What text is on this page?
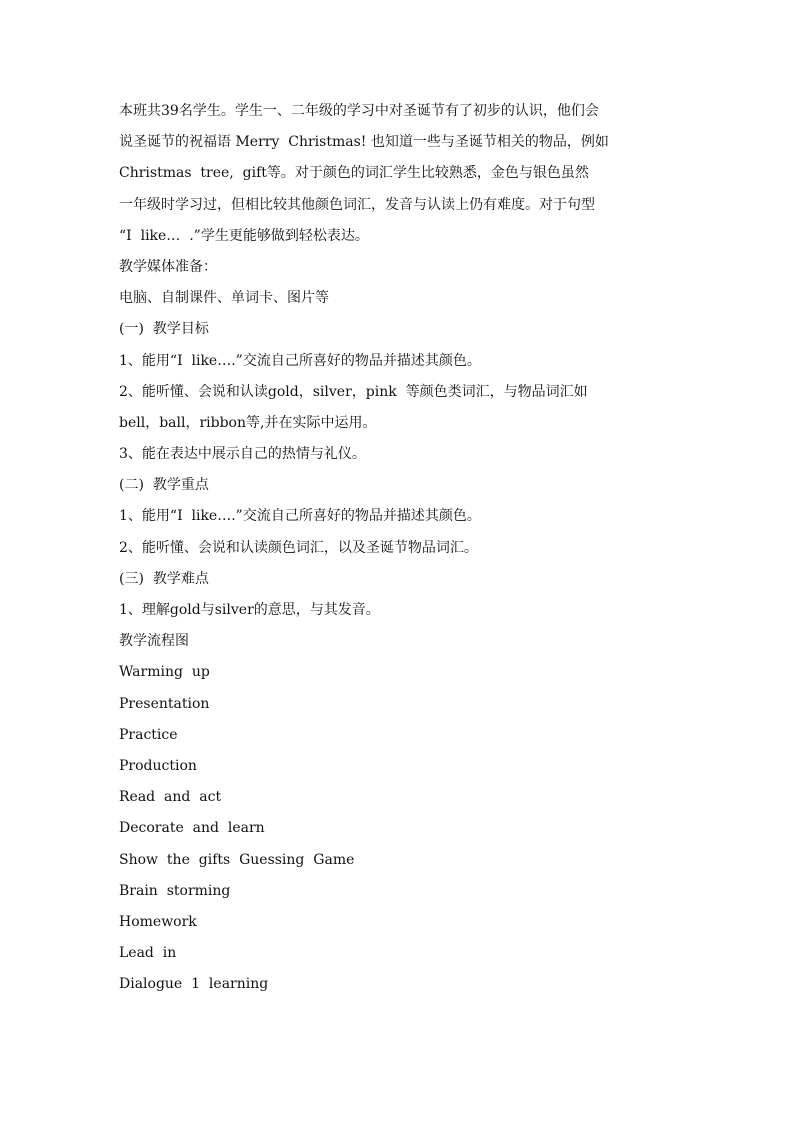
本班共39名学生。学生一、二年级的学习中对圣诞节有了初步的认识，他们会
说圣诞节的祝福语 Merry  Christmas! 也知道一些与圣诞节相关的物品，例如
Christmas  tree,  gift等。对于颜色的词汇学生比较熟悉，金色与银色虽然
一年级时学习过，但相比较其他颜色词汇，发音与认读上仍有难度。对于句型
“I  like…  .”学生更能够做到轻松表达。
教学媒体准备：
电脑、自制课件、单词卡、图片等
(一)  教学目标
1、能用“I  like….”交流自己所喜好的物品并描述其颜色。
2、能听懂、会说和认读gold，silver，pink  等颜色类词汇，与物品词汇如
bell，ball，ribbon等,并在实际中运用。
3、能在表达中展示自己的热情与礼仪。
(二)  教学重点
1、能用“I  like….”交流自己所喜好的物品并描述其颜色。
2、能听懂、会说和认读颜色词汇，以及圣诞节物品词汇。
(三)  教学难点
1、理解gold与silver的意思，与其发音。
教学流程图
Warming  up
Presentation
Practice
Production
Read  and  act
Decorate  and  learn
Show  the  gifts  Guessing  Game
Brain  storming
Homework
Lead  in
Dialogue  1  learning
